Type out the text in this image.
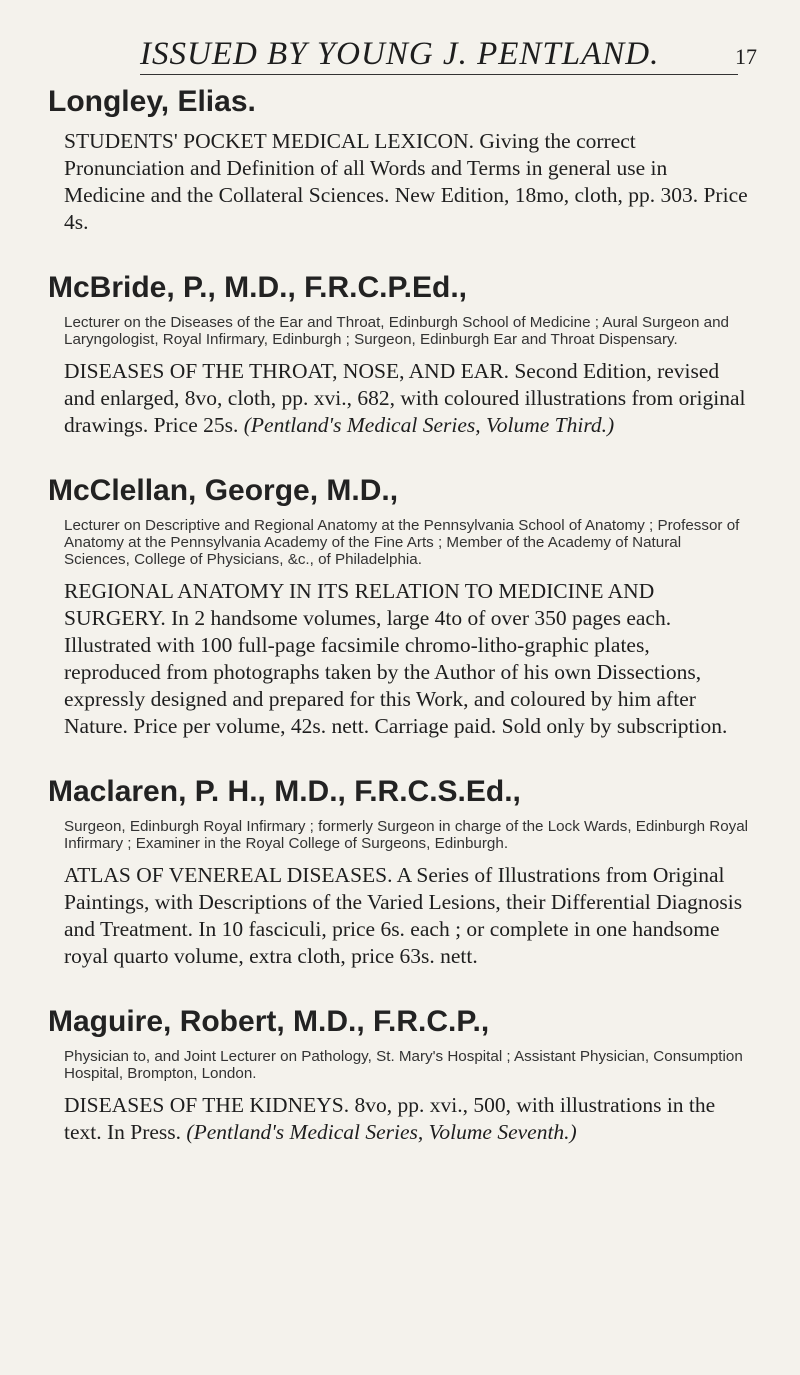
ISSUED BY YOUNG J. PENTLAND.	17
Longley, Elias.

STUDENTS' POCKET MEDICAL LEXICON. Giving the correct Pronunciation and Definition of all Words and Terms in general use in Medicine and the Collateral Sciences. New Edition, 18mo, cloth, pp. 303. Price 4s.

McBride, P., M.D., F.R.C.P.Ed.,

Lecturer on the Diseases of the Ear and Throat, Edinburgh School of Medicine ; Aural Surgeon and Laryngologist, Royal Infirmary, Edinburgh ; Surgeon, Edinburgh Ear and Throat Dispensary.

DISEASES OF THE THROAT, NOSE, AND EAR. Second Edition, revised and enlarged, 8vo, cloth, pp. xvi., 682, with coloured illustrations from original drawings. Price 25s. (Pentland's Medical Series, Volume Third.)

McClellan, George, M.D.,

Lecturer on Descriptive and Regional Anatomy at the Pennsylvania School of Anatomy ; Professor of Anatomy at the Pennsylvania Academy of the Fine Arts ; Member of the Academy of Natural Sciences, College of Physicians, &c., of Philadelphia.

REGIONAL ANATOMY IN ITS RELATION TO MEDICINE AND SURGERY. In 2 handsome volumes, large 4to of over 350 pages each. Illustrated with 100 full-page facsimile chromo-litho-graphic plates, reproduced from photographs taken by the Author of his own Dissections, expressly designed and prepared for this Work, and coloured by him after Nature. Price per volume, 42s. nett. Carriage paid. Sold only by subscription.

Maclaren, P. H., M.D., F.R.C.S.Ed.,

Surgeon, Edinburgh Royal Infirmary ; formerly Surgeon in charge of the Lock Wards, Edinburgh Royal Infirmary ; Examiner in the Royal College of Surgeons, Edinburgh.

ATLAS OF VENEREAL DISEASES. A Series of Illustrations from Original Paintings, with Descriptions of the Varied Lesions, their Differential Diagnosis and Treatment. In 10 fasciculi, price 6s. each ; or complete in one handsome royal quarto volume, extra cloth, price 63s. nett.

Maguire, Robert, M.D., F.R.C.P.,

Physician to, and Joint Lecturer on Pathology, St. Mary's Hospital ; Assistant Physician, Consumption Hospital, Brompton, London.

DISEASES OF THE KIDNEYS. 8vo, pp. xvi., 500, with illustrations in the text. In Press. (Pentland's Medical Series, Volume Seventh.)
